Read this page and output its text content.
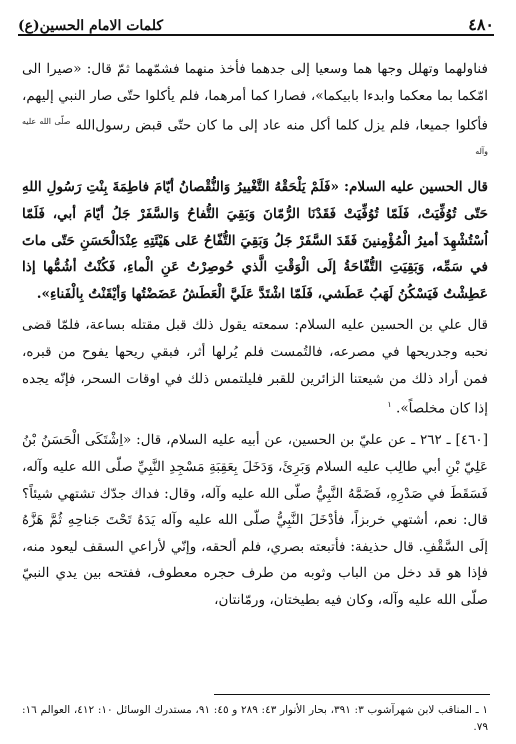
٤٨٠
كلمات الامام الحسين(ع)

فناولهما وتهلل وجها هما وسعيا إلى جدهما فأخذ منهما فشمّهما ثمّ قال: «صيرا الى امّكما بما معكما وابدءا بابيكما»، فصارا كما أمرهما، فلم يأكلوا حتّى صار النبي إليهم، فأكلوا جميعا، فلم يزل كلما أكل منه عاد إلى ما كان حتّى قبض رسول‌الله $^{صلّى الله عليه وآله}$

قال الحسين عليه السلام: «فَلَمْ يَلْحَقْهُ التَّغْييرُ وَالنُّقْصانُ أيّامَ فاطِمَةَ بِنْتِ رَسُولِ اللهِ حَتّى تُوُفِّيَتْ، فَلَمّا تُوُفِّيَتْ فَقَدْنَا الرُّمّانَ وَبَقِيَ التُّفاحُ وَالسَّفَرْ جَلُ أيّامَ أبي، فَلَمّا اُسْتُشْهِدَ أميرُ الْمُؤْمِنينَ فَقَدَ السَّفَرْ جَلُ وَبَقِيَ التُّفّاحُ عَلى هَيْئَتِهِ عِنْدَالْحَسَنِ حَتّى ماتَ في سَمِّه، وَبَقِيَتِ التُّفّاحَةُ إلَى الْوَقْتِ الَّذي حُوصِرْتُ عَنِ الْماءِ، فَكُنْتُ أشُمُّها إذا عَطِشْتُ فَيَسْكُنُ لَهَبُ عَطَشي، فَلَمّا اشْتَدَّ عَلَيَّ الْعَطَشُ عَضَضْتُها وَأيْقَنْتُ بِالْفَناءِ».

قال علي بن الحسين عليه السلام: سمعته يقول ذلك قبل مقتله بساعة، فلمّا قضى نحبه وجدريحها في مصرعه، فالتُمست فلم يُرلها أثر، فبقي ريحها يفوح من قبره، فمن أراد ذلك من شيعتنا الزائرين للقبر فليلتمس ذلك في اوقات السحر، فإنّه يجده إذا كان مخلصاً». $^١$

[٤٦٠] ـ ٢٦٢ ـ عن عليّ بن الحسين، عن أبيه عليه السلام، قال: «اِشْتَكَى الْحَسَنُ بْنُ عَلِيّ بْنِ أبي طالِب عليه السلام وَبَرِئَ، وَدَخَلَ بِعَقِبَةِ مَسْجِدِ النَّبِيِّ صلّى الله عليه وآله، فَسَقَطَ في صَدْرِهِ، فَضَمَّهُ النَّبِيُّ صلّى الله عليه وآله، وقال: فداك جدّك تشتهي شيئاً؟ قال: نعم، أشتهي خربزاً، فأدْخَلَ النَّبِيُّ صلّى الله عليه وآله يَدَهُ تَحْتَ جَناحِهِ ثُمَّ هَزَّهُ إلَى السَّقْفِ. قال حذيفة: فأتبعته بصري، فلم ألحقه، وإنّي لأراعي السقف ليعود منه، فإذا هو قد دخل من الباب وثوبه من طرف حجره معطوف، ففتحه بين يدي النبيّ صلّى الله عليه وآله، وكان فيه بطيختان، ورمّانتان،

١ ـ المناقب لابن شهرآشوب ٣: ٣٩١، بحار الأنوار ٤٣: ٢٨٩ و ٤٥: ٩١، مستدرك الوسائل ١٠: ٤١٢، العوالم ١٦: ٧٩.
